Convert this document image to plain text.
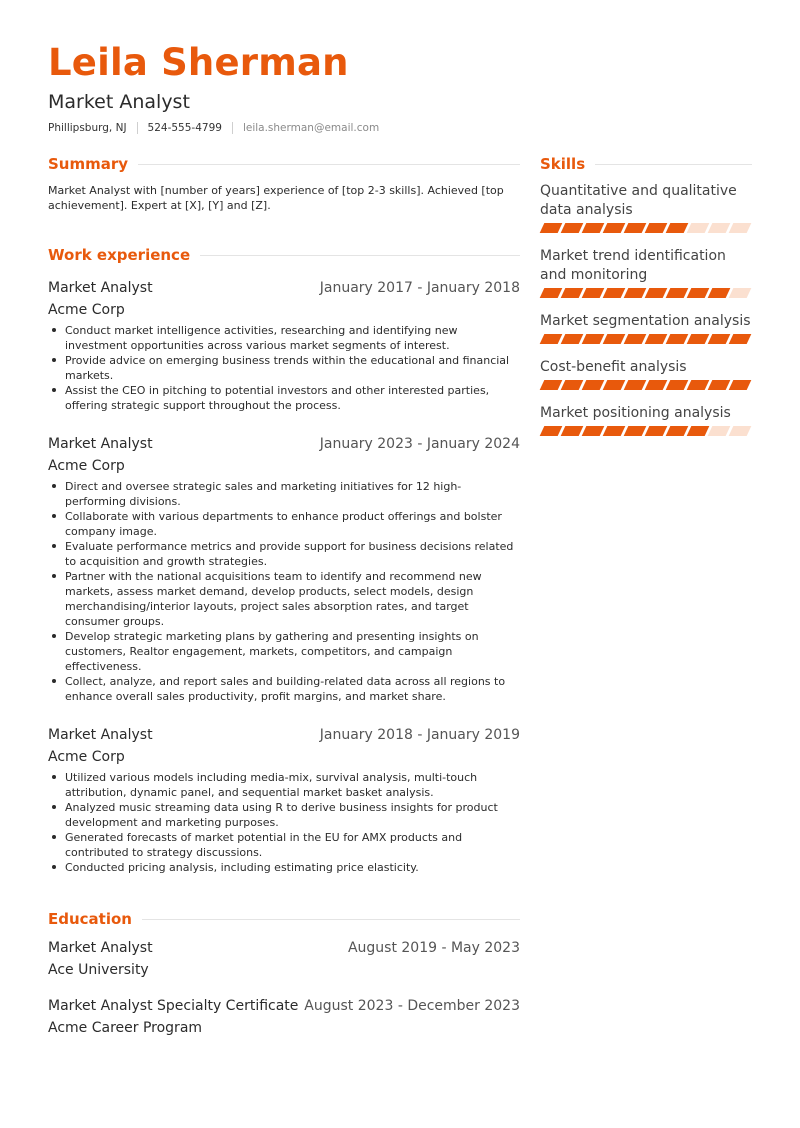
Leila Sherman
Market Analyst
Phillipsburg, NJ 524-555-4799 leila.sherman@email.com
Summary

Market Analyst with [number of years] experience of [top 2-3 skills]. Achieved [top achievement]. Expert at [X], [Y] and [Z].

Work experience
Market Analyst	January 2017 - January 2018
Acme Corp
Conduct market intelligence activities, researching and identifying new investment opportunities across various market segments of interest.
Provide advice on emerging business trends within the educational and financial markets.
Assist the CEO in pitching to potential investors and other interested parties, offering strategic support throughout the process.
Market Analyst	January 2023 - January 2024
Acme Corp
Direct and oversee strategic sales and marketing initiatives for 12 high-performing divisions.
Collaborate with various departments to enhance product offerings and bolster company image.
Evaluate performance metrics and provide support for business decisions related to acquisition and growth strategies.
Partner with the national acquisitions team to identify and recommend new markets, assess market demand, develop products, select models, design merchandising/interior layouts, project sales absorption rates, and target consumer groups.
Develop strategic marketing plans by gathering and presenting insights on customers, Realtor engagement, markets, competitors, and campaign effectiveness.
Collect, analyze, and report sales and building-related data across all regions to enhance overall sales productivity, profit margins, and market share.
Market Analyst	January 2018 - January 2019
Acme Corp
Utilized various models including media-mix, survival analysis, multi-touch attribution, dynamic panel, and sequential market basket analysis.
Analyzed music streaming data using R to derive business insights for product development and marketing purposes.
Generated forecasts of market potential in the EU for AMX products and contributed to strategy discussions.
Conducted pricing analysis, including estimating price elasticity.
Education
Market Analyst	August 2019 - May 2023
Ace University
Market Analyst Specialty Certificate August 2023 - December 2023
Acme Career Program
Skills
Quantitative and qualitative data analysis
Market trend identification and monitoring
Market segmentation analysis
Cost-benefit analysis
Market positioning analysis
